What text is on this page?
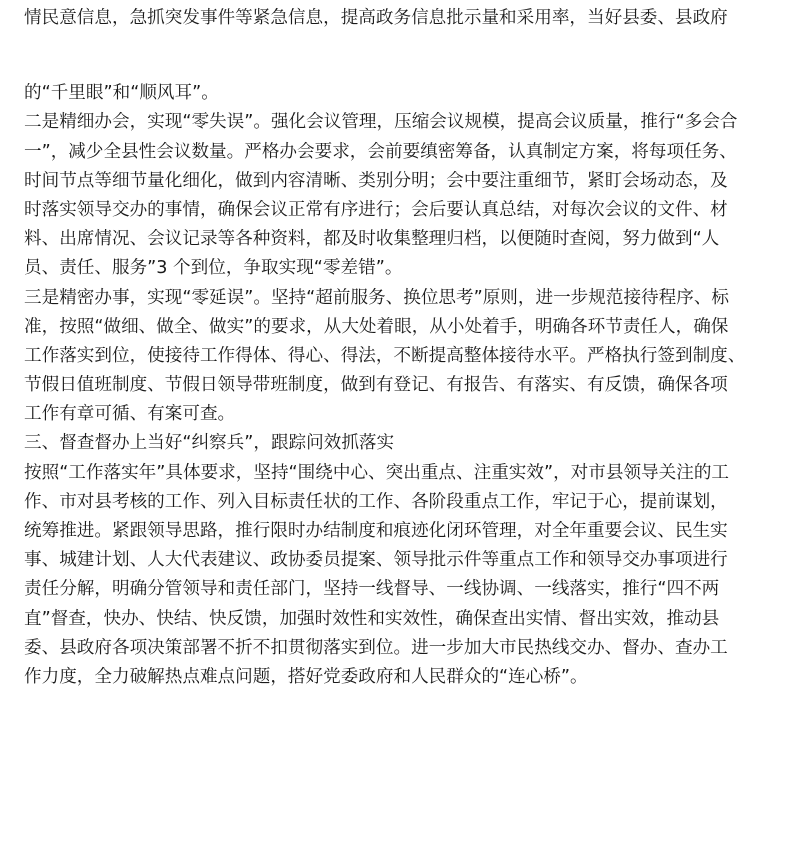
情民意信息，急抓突发事件等紧急信息，提高政务信息批示量和采用率，当好县委、县政府
的“千里眼”和“顺风耳”。
二是精细办会，实现“零失误”。强化会议管理，压缩会议规模，提高会议质量，推行“多会合
一”，减少全县性会议数量。严格办会要求，会前要缜密筹备，认真制定方案，将每项任务、
时间节点等细节量化细化，做到内容清晰、类别分明；会中要注重细节，紧盯会场动态，及
时落实领导交办的事情，确保会议正常有序进行；会后要认真总结，对每次会议的文件、材
料、出席情况、会议记录等各种资料，都及时收集整理归档，以便随时查阅，努力做到“人
员、责任、服务”3 个到位，争取实现“零差错”。
三是精密办事，实现“零延误”。坚持“超前服务、换位思考”原则，进一步规范接待程序、标
准，按照“做细、做全、做实”的要求，从大处着眼，从小处着手，明确各环节责任人，确保
工作落实到位，使接待工作得体、得心、得法，不断提高整体接待水平。严格执行签到制度、
节假日值班制度、节假日领导带班制度，做到有登记、有报告、有落实、有反馈，确保各项
工作有章可循、有案可查。
三、督查督办上当好“纠察兵”，跟踪问效抓落实
按照“工作落实年”具体要求，坚持“围绕中心、突出重点、注重实效”，对市县领导关注的工
作、市对县考核的工作、列入目标责任状的工作、各阶段重点工作，牢记于心，提前谋划，
统筹推进。紧跟领导思路，推行限时办结制度和痕迹化闭环管理，对全年重要会议、民生实
事、城建计划、人大代表建议、政协委员提案、领导批示件等重点工作和领导交办事项进行
责任分解，明确分管领导和责任部门，坚持一线督导、一线协调、一线落实，推行“四不两
直”督查，快办、快结、快反馈，加强时效性和实效性，确保查出实情、督出实效，推动县
委、县政府各项决策部署不折不扣贯彻落实到位。进一步加大市民热线交办、督办、查办工
作力度，全力破解热点难点问题，搭好党委政府和人民群众的“连心桥”。
